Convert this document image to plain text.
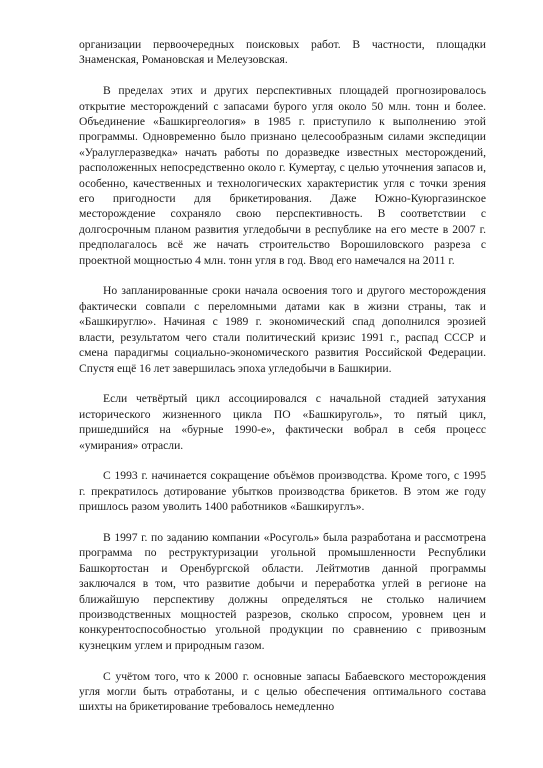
организации первоочередных поисковых работ. В частности, площадки Знаменская, Романовская и Мелеузовская.

В пределах этих и других перспективных площадей прогнозировалось открытие месторождений с запасами бурого угля около 50 млн. тонн и более. Объединение «Башкиргеология» в 1985 г. приступило к выполнению этой программы. Одновременно было признано целесообразным силами экспедиции «Уралуглеразведка» начать работы по доразведке известных месторождений, расположенных непосредственно около г. Кумертау, с целью уточнения запасов и, особенно, качественных и технологических характеристик угля с точки зрения его пригодности для брикетирования. Даже Южно-Куюргазинское месторождение сохраняло свою перспективность. В соответствии с долгосрочным планом развития угледобычи в республике на его месте в 2007 г. предполагалось всё же начать строительство Ворошиловского разреза с проектной мощностью 4 млн. тонн угля в год. Ввод его намечался на 2011 г.

Но запланированные сроки начала освоения того и другого месторождения фактически совпали с переломными датами как в жизни страны, так и «Башкируглю». Начиная с 1989 г. экономический спад дополнился эрозией власти, результатом чего стали политический кризис 1991 г., распад СССР и смена парадигмы социально-экономического развития Российской Федерации. Спустя ещё 16 лет завершилась эпоха угледобычи в Башкирии.

Если четвёртый цикл ассоциировался с начальной стадией затухания исторического жизненного цикла ПО «Башкируголь», то пятый цикл, пришедшийся на «бурные 1990-е», фактически вобрал в себя процесс «умирания» отрасли.

С 1993 г. начинается сокращение объёмов производства. Кроме того, с 1995 г. прекратилось дотирование убытков производства брикетов. В этом же году пришлось разом уволить 1400 работников «Башкируглъ».

В 1997 г. по заданию компании «Росуголь» была разработана и рассмотрена программа по реструктуризации угольной промышленности Республики Башкортостан и Оренбургской области. Лейтмотив данной программы заключался в том, что развитие добычи и переработка углей в регионе на ближайшую перспективу должны определяться не столько наличием производственных мощностей разрезов, сколько спросом, уровнем цен и конкурентоспособностью угольной продукции по сравнению с привозным кузнецким углем и природным газом.

С учётом того, что к 2000 г. основные запасы Бабаевского месторождения угля могли быть отработаны, и с целью обеспечения оптимального состава шихты на брикетирование требовалось немедленно
